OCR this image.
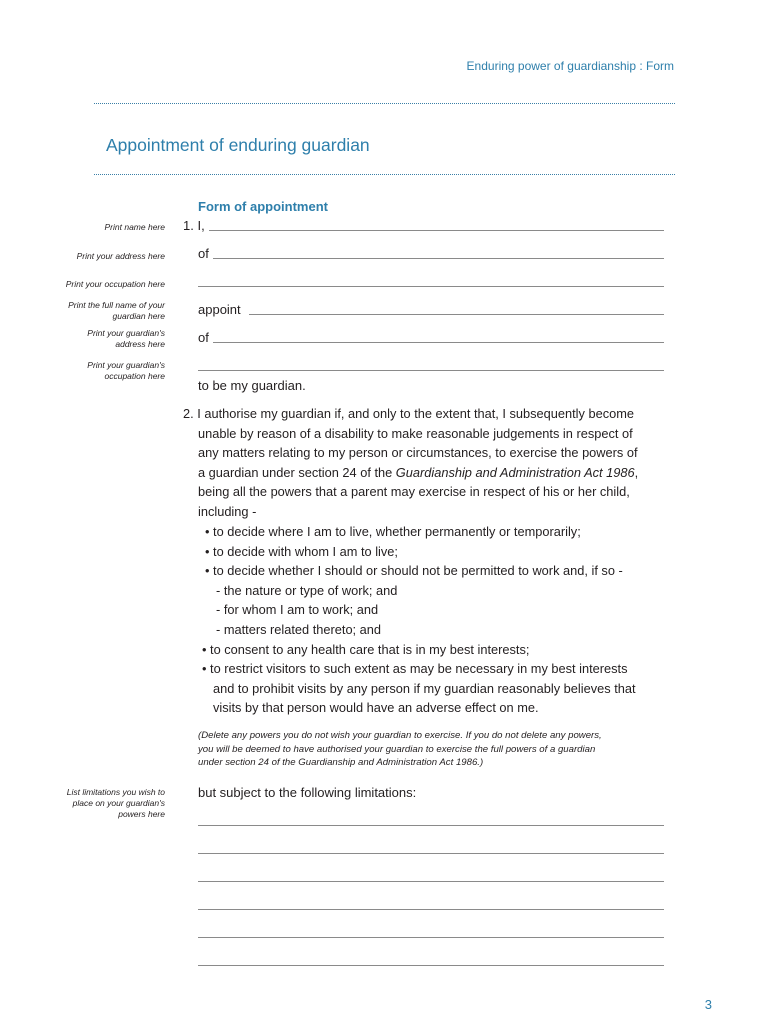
Enduring power of guardianship : Form
Appointment of enduring guardian
Form of appointment
Print name here
Print your address here
Print your occupation here
Print the full name of your
guardian here
Print your guardian's
address here
Print your guardian's
occupation here
List limitations you wish to
place on your guardian's
powers here
1. I,
of
appoint
of
to be my guardian.

2. I authorise my guardian if, and only to the extent that, I subsequently become

unable by reason of a disability to make reasonable judgements in respect of

any matters relating to my person or circumstances, to exercise the powers of

a guardian under section 24 of the Guardianship and Administration Act 1986,

being all the powers that a parent may exercise in respect of his or her child,

including -

• to decide where I am to live, whether permanently or temporarily;
• to decide with whom I am to live;
• to decide whether I should or should not be permitted to work and, if so -
- the nature or type of work; and
- for whom I am to work; and
- matters related thereto; and
• to consent to any health care that is in my best interests;
• to restrict visitors to such extent as may be necessary in my best interests
and to prohibit visits by any person if my guardian reasonably believes that
visits by that person would have an adverse effect on me.

(Delete any powers you do not wish your guardian to exercise. If you do not delete any powers,

you will be deemed to have authorised your guardian to exercise the full powers of a guardian

under section 24 of the Guardianship and Administration Act 1986.)

but subject to the following limitations:
3
